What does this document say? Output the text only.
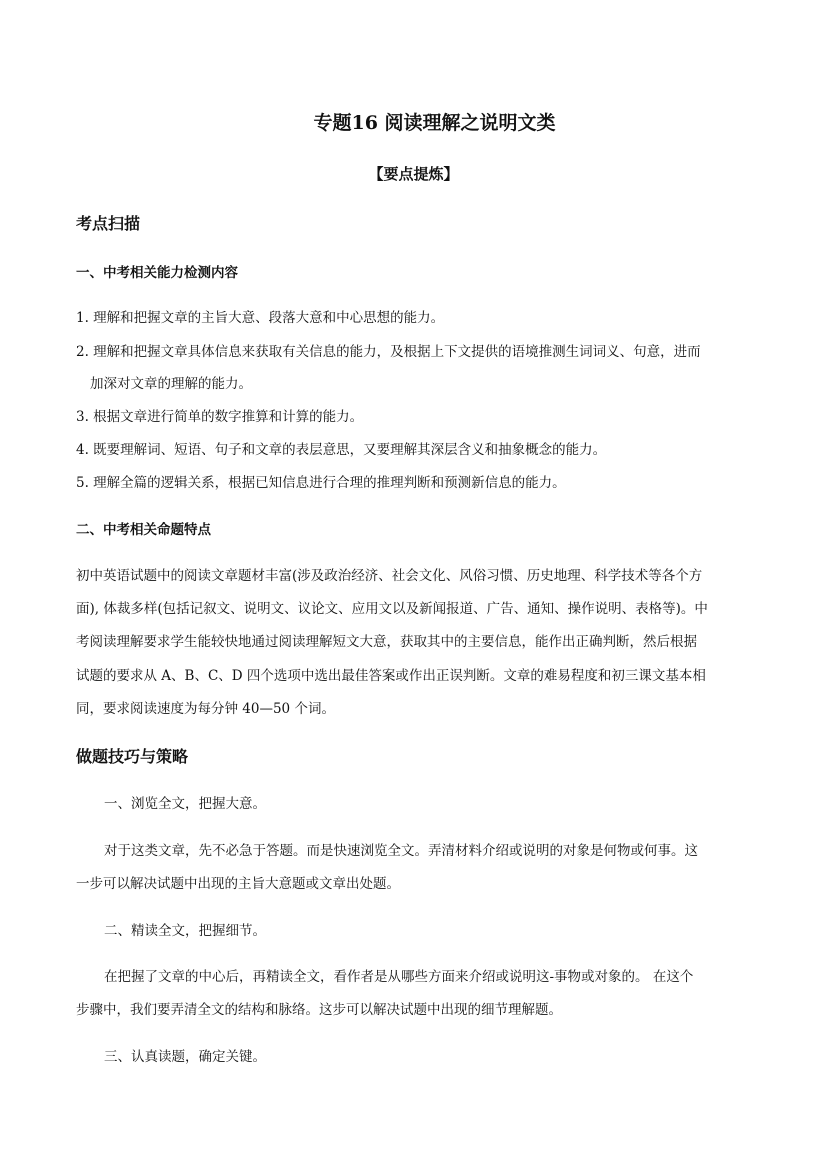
专题16 阅读理解之说明文类
【要点提炼】
考点扫描
一、中考相关能力检测内容
1. 理解和把握文章的主旨大意、段落大意和中心思想的能力。
2. 理解和把握文章具体信息来获取有关信息的能力，及根据上下文提供的语境推测生词词义、句意，进而
加深对文章的理解的能力。
3. 根据文章进行简单的数字推算和计算的能力。
4. 既要理解词、短语、句子和文章的表层意思，又要理解其深层含义和抽象概念的能力。
5. 理解全篇的逻辑关系，根据已知信息进行合理的推理判断和预测新信息的能力。
二、中考相关命题特点
初中英语试题中的阅读文章题材丰富(涉及政治经济、社会文化、风俗习惯、历史地理、科学技术等各个方
面), 体裁多样(包括记叙文、说明文、议论文、应用文以及新闻报道、广告、通知、操作说明、表格等)。中
考阅读理解要求学生能较快地通过阅读理解短文大意，获取其中的主要信息，能作出正确判断，然后根据
试题的要求从 A、B、C、D 四个选项中选出最佳答案或作出正误判断。文章的难易程度和初三课文基本相
同，要求阅读速度为每分钟 40—50 个词。
做题技巧与策略
一、浏览全文，把握大意。
对于这类文章，先不必急于答题。而是快速浏览全文。弄清材料介绍或说明的对象是何物或何事。这
一步可以解决试题中出现的主旨大意题或文章出处题。
二、精读全文，把握细节。
在把握了文章的中心后，再精读全文，看作者是从哪些方面来介绍或说明这-事物或对象的。 在这个
步骤中，我们要弄清全文的结构和脉络。这步可以解决试题中出现的细节理解题。
三、认真读题，确定关键。
